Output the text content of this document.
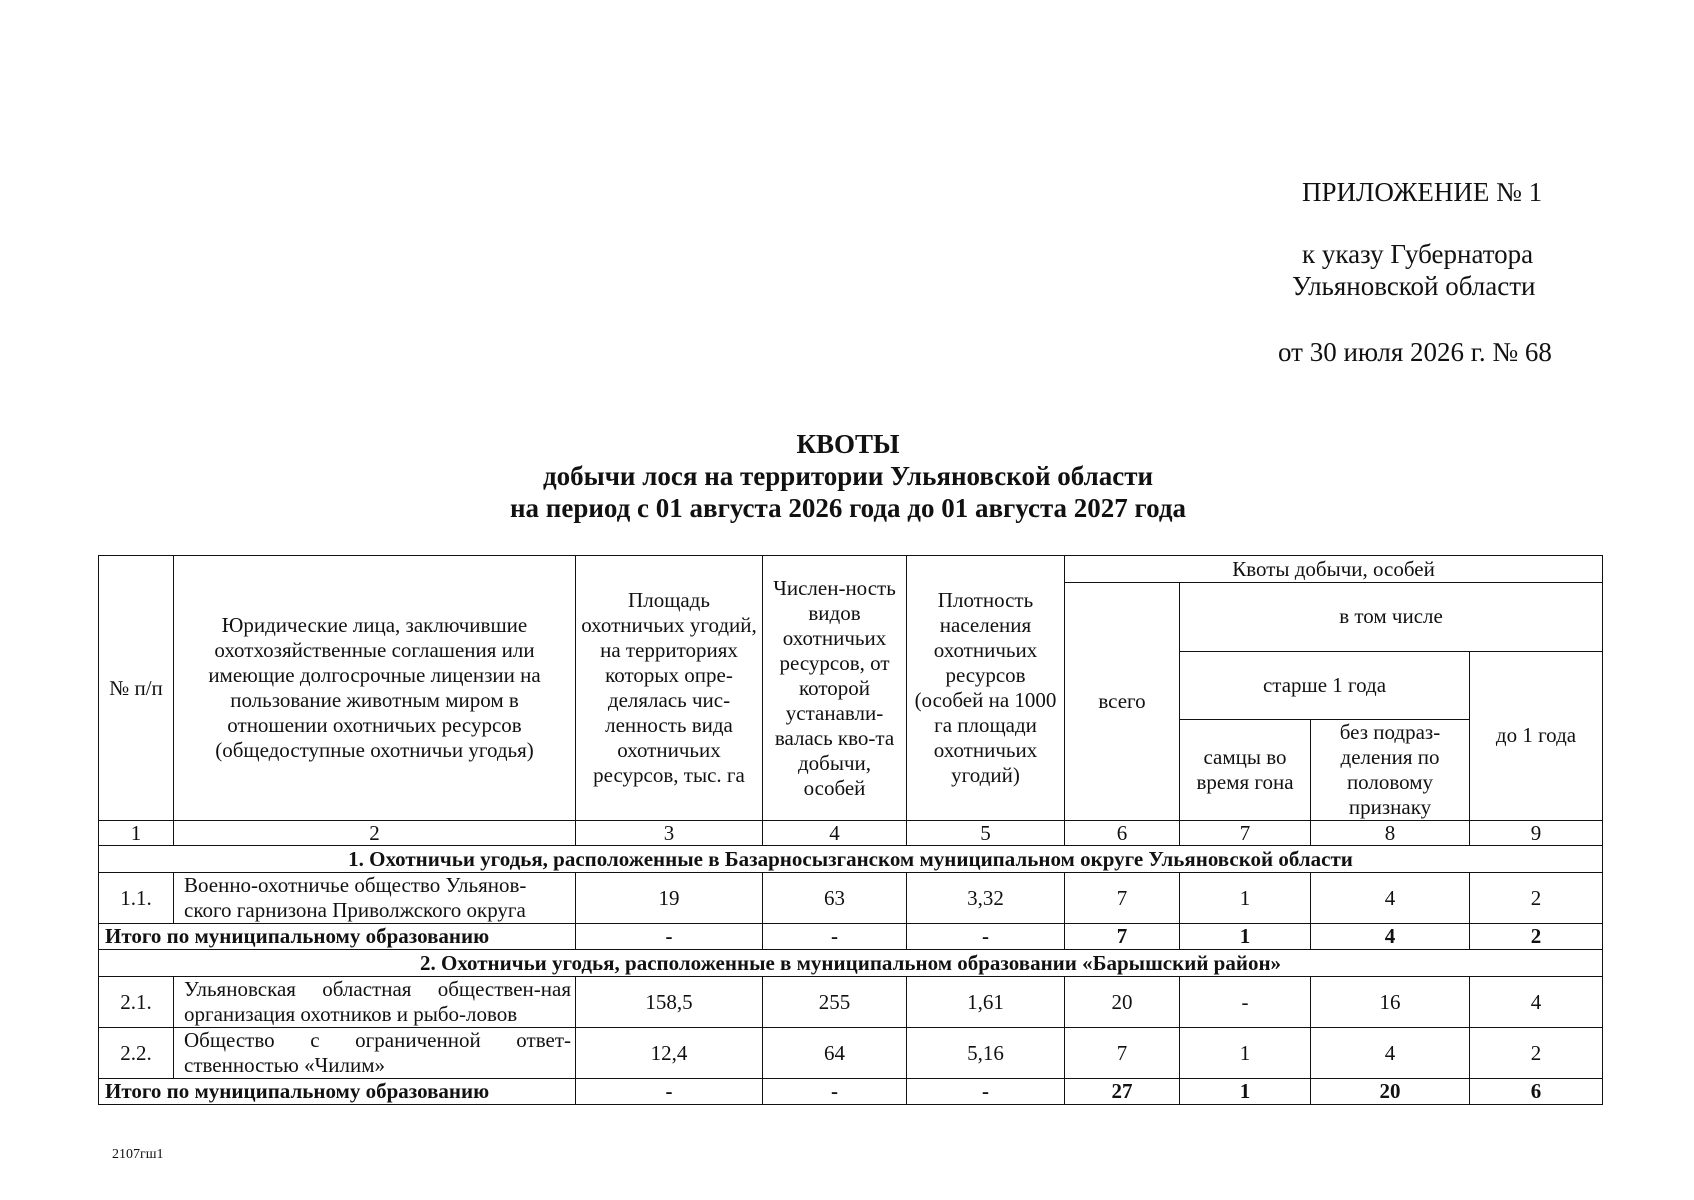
ПРИЛОЖЕНИЕ № 1
к указу Губернатора
Ульяновской области
от 30 июля 2026 г. № 68
КВОТЫ
добычи лося на территории Ульяновской области
на период с 01 августа 2026 года до 01 августа 2027 года
№ п/п	Юридические лица, заключившие охотхозяйственные соглашения или имеющие долгосрочные лицензии на пользование животным миром в отношении охотничьих ресурсов (общедоступные охотничьи угодья)	Площадь охотничьих угодий, на территориях которых опре-делялась чис-ленность вида охотничьих ресурсов, тыс. га	Числен-ность видов охотничьих ресурсов, от которой устанавли-валась кво-та добычи, особей	Плотность населения охотничьих ресурсов (особей на 1000 га площади охотничьих угодий)	Квоты добычи, особей			
					всего	в том числе		
						старше 1 года		до 1 года
						самцы во время гона	без подраз-деления по половому признаку	
1	2	3	4	5	6	7	8	9
1. Охотничьи угодья, расположенные в Базарносызганском муниципальном округе Ульяновской области								
1.1.	Военно-охотничье общество Ульянов-ского гарнизона Приволжского округа	19	63	3,32	7	1	4	2
Итого по муниципальному образованию		-	-	-	7	1	4	2
2. Охотничьи угодья, расположенные в муниципальном образовании «Барышский район»								
2.1.	Ульяновская областная обществен-ная организация охотников и рыбо-ловов	158,5	255	1,61	20	-	16	4
2.2.	Общество с ограниченной ответ-ственностью «Чилим»	12,4	64	5,16	7	1	4	2
Итого по муниципальному образованию		-	-	-	27	1	20	6
2107гш1
